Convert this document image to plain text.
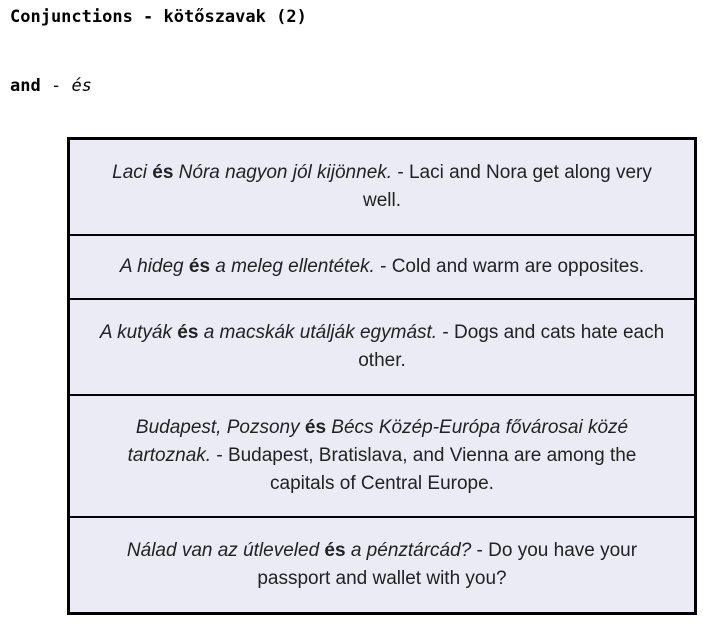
Conjunctions - kötőszavak (2)
and - és
Laci és Nóra nagyon jól kijönnek. - Laci and Nora get along very well.
A hideg és a meleg ellentétek. - Cold and warm are opposites.
A kutyák és a macskák utálják egymást. - Dogs and cats hate each other.
Budapest, Pozsony és Bécs Közép-Európa fővárosai közé tartoznak. - Budapest, Bratislava, and Vienna are among the capitals of Central Europe.
Nálad van az útleveled és a pénztárcád? - Do you have your passport and wallet with you?
